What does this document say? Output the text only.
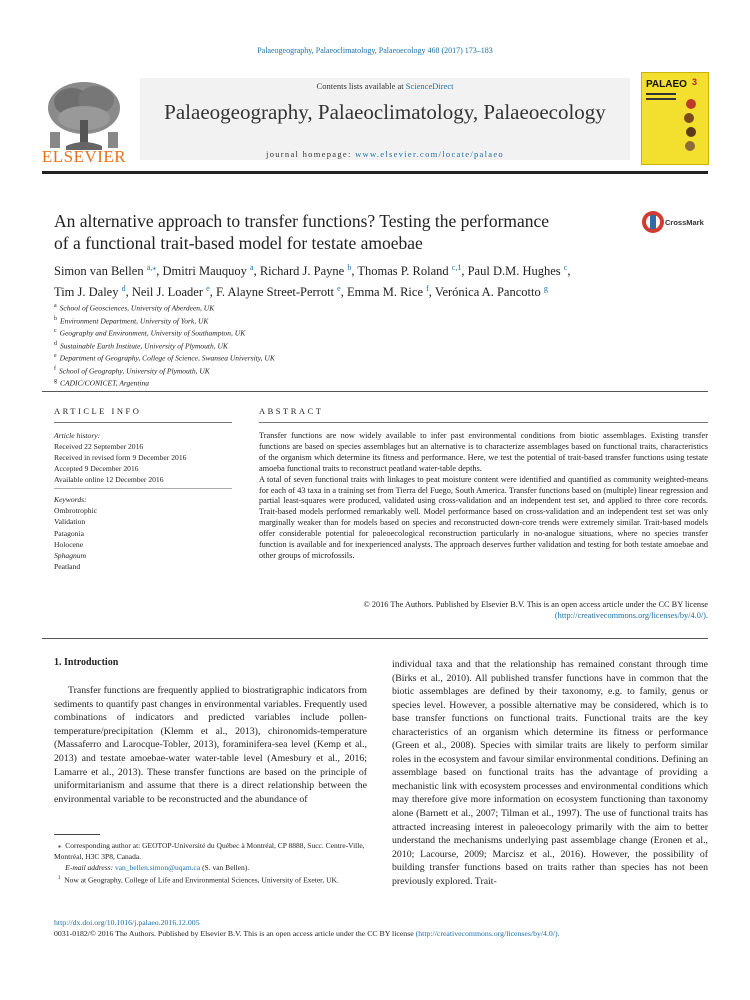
Palaeogeography, Palaeoclimatology, Palaeoecology 468 (2017) 173–183
Contents lists available at ScienceDirect
Palaeogeography, Palaeoclimatology, Palaeoecology
journal homepage: www.elsevier.com/locate/palaeo
ELSEVIER
PALAEO 3
An alternative approach to transfer functions? Testing the performance
of a functional trait-based model for testate amoebae
CrossMark
Simon van Bellen $^{a,⁎}$, Dmitri Mauquoy $^a$, Richard J. Payne $^b$, Thomas P. Roland $^{c,1}$, Paul D.M. Hughes $^c$,
Tim J. Daley $^d$, Neil J. Loader $^e$, F. Alayne Street-Perrott $^e$, Emma M. Rice $^f$, Verónica A. Pancotto $^g$
$^a$ School of Geosciences, University of Aberdeen, UK
$^b$ Environment Department, University of York, UK
$^c$ Geography and Environment, University of Southampton, UK
$^d$ Sustainable Earth Institute, University of Plymouth, UK
$^e$ Department of Geography, College of Science, Swansea University, UK
$^f$ School of Geography, University of Plymouth, UK
$^g$ CADIC/CONICET, Argentina
ARTICLE INFO	ABSTRACT
Article history:
Received 22 September 2016
Received in revised form 9 December 2016
Accepted 9 December 2016
Available online 12 December 2016
Keywords:
Ombrotrophic
Validation
Patagonia
Holocene
Sphagnum
Peatland

Transfer functions are now widely available to infer past environmental conditions from biotic assemblages. Existing transfer functions are based on species assemblages but an alternative is to characterize assemblages based on functional traits, characteristics of the organism which determine its fitness and performance. Here, we test the potential of trait-based transfer functions using testate amoeba functional traits to reconstruct peatland water-table depths.

A total of seven functional traits with linkages to peat moisture content were identified and quantified as community weighted-means for each of 43 taxa in a training set from Tierra del Fuego, South America. Transfer functions based on (multiple) linear regression and partial least-squares were produced, validated using cross-validation and an independent test set, and applied to three core records. Trait-based models performed remarkably well. Model performance based on cross-validation and an independent test set was only marginally weaker than for models based on species and reconstructed down-core trends were extremely similar. Trait-based models offer considerable potential for paleoecological reconstruction particularly in no-analogue situations, where no species transfer function is available and for inexperienced analysts. The approach deserves further validation and testing for both testate amoebae and other groups of microfossils.

© 2016 The Authors. Published by Elsevier B.V. This is an open access article under the CC BY license
(http://creativecommons.org/licenses/by/4.0/).
1. Introduction

Transfer functions are frequently applied to biostratigraphic indicators from sediments to quantify past changes in environmental variables. Frequently used combinations of indicators and predicted variables include pollen-temperature/precipitation (Klemm et al., 2013), chironomids-temperature (Massaferro and Larocque-Tobler, 2013), foraminifera-sea level (Kemp et al., 2013) and testate amoebae-water water-table level (Amesbury et al., 2016; Lamarre et al., 2013). These transfer functions are based on the principle of uniformitarianism and assume that there is a direct relationship between the environmental variable to be reconstructed and the abundance of

individual taxa and that the relationship has remained constant through time (Birks et al., 2010). All published transfer functions have in common that the biotic assemblages are defined by their taxonomy, e.g. to family, genus or species level. However, a possible alternative may be considered, which is to base transfer functions on functional traits. Functional traits are the key characteristics of an organism which determine its fitness or performance (Green et al., 2008). Species with similar traits are likely to perform similar roles in the ecosystem and favour similar environmental conditions. Defining an assemblage based on functional traits has the advantage of providing a mechanistic link with ecosystem processes and environmental conditions which may therefore give more information on ecosystem functioning than taxonomy alone (Barnett et al., 2007; Tilman et al., 1997). The use of functional traits has attracted increasing interest in paleoecology primarily with the aim to better understand the mechanisms underlying past assemblage change (Eronen et al., 2010; Lacourse, 2009; Marcisz et al., 2016). However, the possibility of building transfer functions based on traits rather than species has not been previously explored. Trait-

⁎  Corresponding author at: GEOTOP-Université du Québec à Montréal, CP 8888, Succ. Centre-Ville, Montréal, H3C 3P8, Canada.

E-mail address: van_bellen.simon@uqam.ca (S. van Bellen).

$^1$ Now at Geography, College of Life and Environmental Sciences, University of Exeter, UK.

http://dx.doi.org/10.1016/j.palaeo.2016.12.005
0031-0182/© 2016 The Authors. Published by Elsevier B.V. This is an open access article under the CC BY license (http://creativecommons.org/licenses/by/4.0/).
